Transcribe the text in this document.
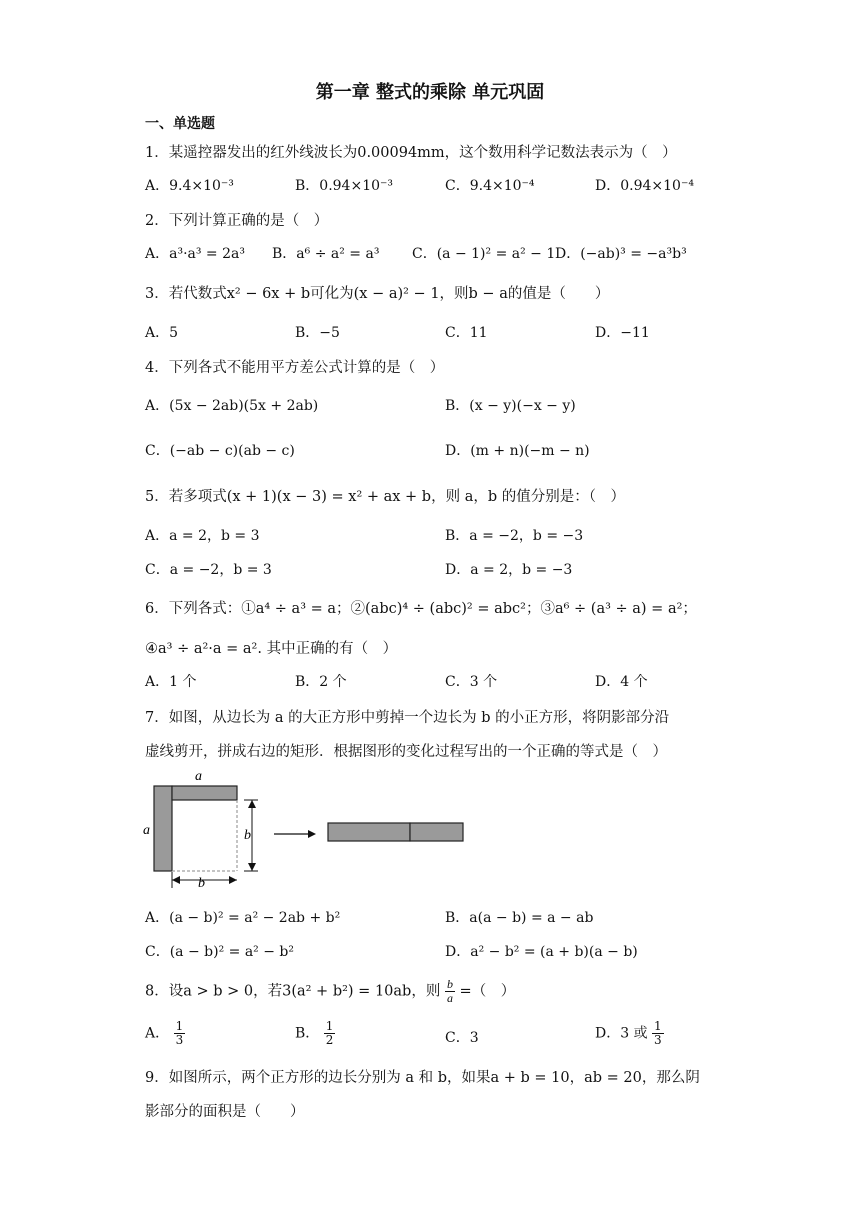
第一章 整式的乘除 单元巩固
一、单选题
1．某遥控器发出的红外线波长为0.00094mm，这个数用科学记数法表示为（　）
A．9.4×10⁻³	B．0.94×10⁻³	C．9.4×10⁻⁴	D．0.94×10⁻⁴
2．下列计算正确的是（　）
A．a³·a³ = 2a³ B．a⁶ ÷ a² = a³ C．(a − 1)² = a² − 1 D．(−ab)³ = −a³b³
3．若代数式x² − 6x + b可化为(x − a)² − 1，则b − a的值是（　　）
A．5	B．−5	C．11	D．−11
4．下列各式不能用平方差公式计算的是（　）
A．(5x − 2ab)(5x + 2ab)	B．(x − y)(−x − y)
C．(−ab − c)(ab − c)	D．(m + n)(−m − n)
5．若多项式(x + 1)(x − 3) = x² + ax + b，则 a，b 的值分别是：（　）
A．a = 2，b = 3	B．a = −2，b = −3
C．a = −2，b = 3	D．a = 2，b = −3
6．下列各式：①a⁴ ÷ a³ = a；②(abc)⁴ ÷ (abc)² = abc²；③a⁶ ÷ (a³ ÷ a) = a²；
④a³ ÷ a²·a = a². 其中正确的有（　）
A．1 个	B．2 个	C．3 个	D．4 个
7．如图，从边长为 a 的大正方形中剪掉一个边长为 b 的小正方形，将阴影部分沿
虚线剪开，拼成右边的矩形．根据图形的变化过程写出的一个正确的等式是（　）
a
a	b
b
A．(a − b)² = a² − 2ab + b²	B．a(a − b) = a − ab
C．(a − b)² = a² − b²	D．a² − b² = (a + b)(a − b)
8．设a > b > 0，若3(a² + b²) = 10ab，则 $\frac{b}{a}$ =（　）
A． $\frac{1}{3}$	B． $\frac{1}{2}$	C．3	D．3 或 $\frac{1}{3}$
9．如图所示，两个正方形的边长分别为 a 和 b，如果a + b = 10，ab = 20，那么阴
影部分的面积是（　　）
